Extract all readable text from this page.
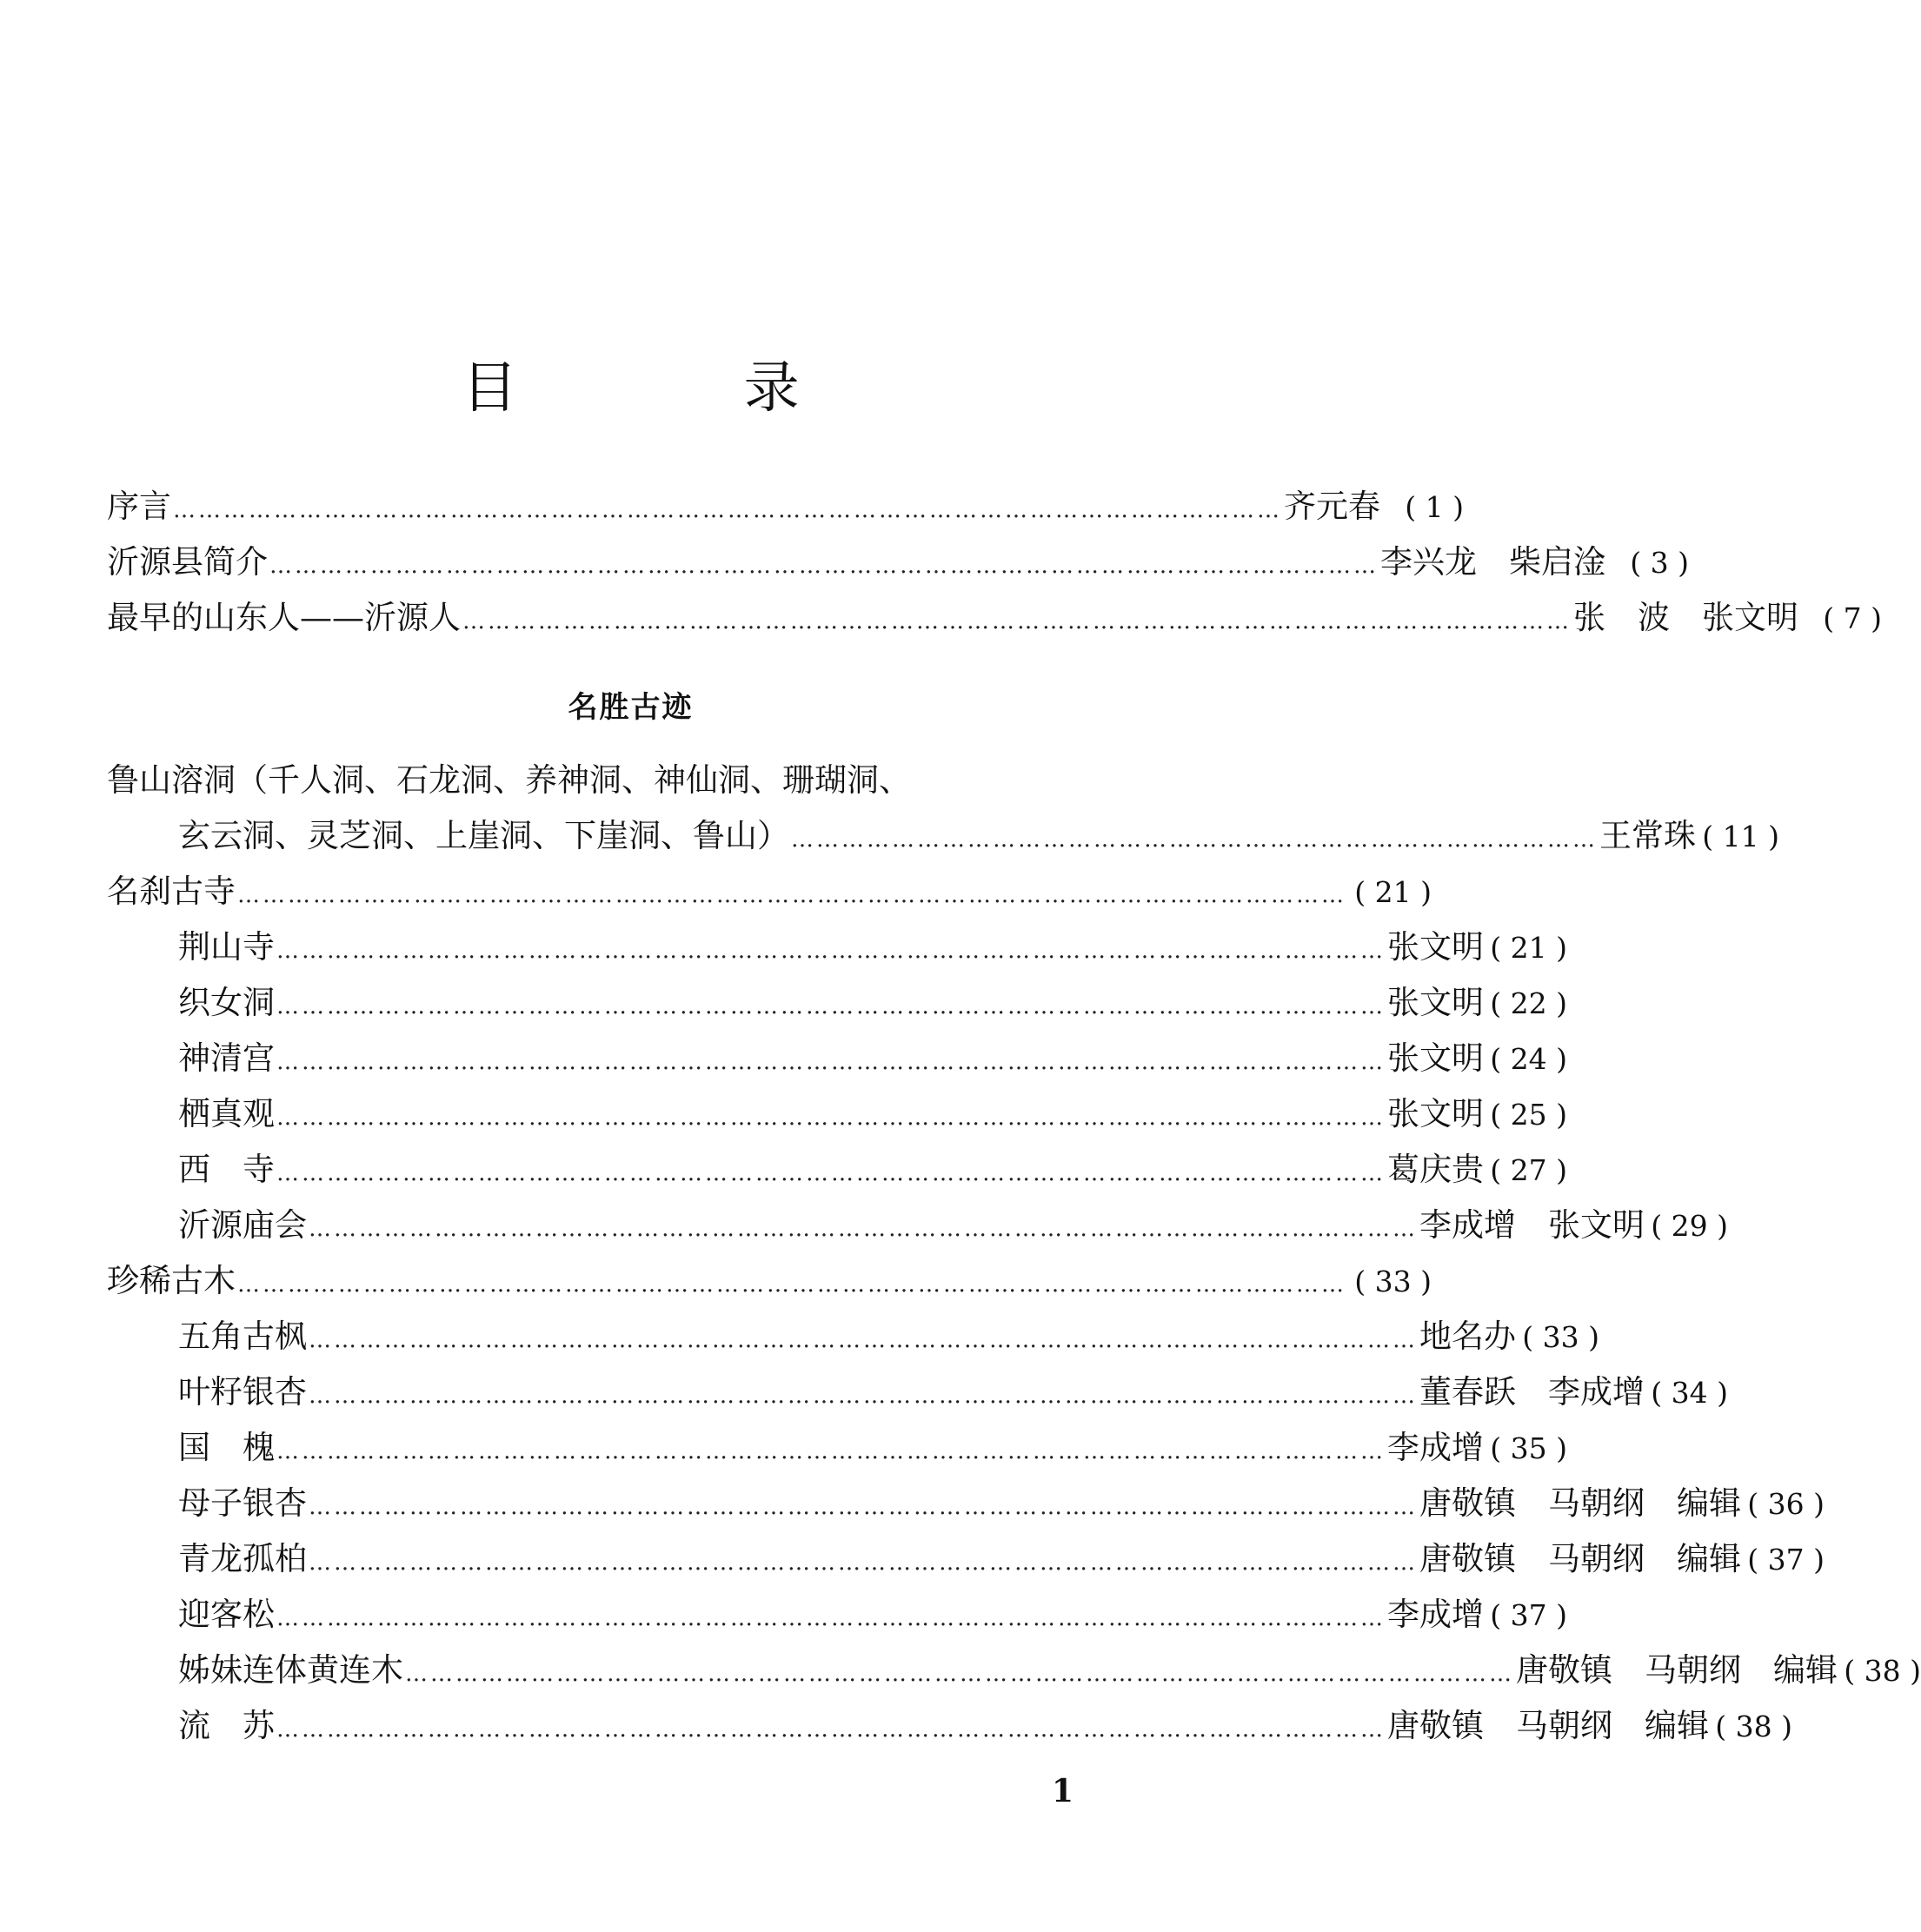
目 录
序言 …………………………………………………………………………………………………………………… 齐元春 ( 1 )
沂源县简介 …………………………………………………………………………………………………………………… 李兴龙　柴启淦 ( 3 )
最早的山东人——沂源人 …………………………………………………………………………………………………………………… 张　波　张文明 ( 7 )
名胜古迹
鲁山溶洞（千人洞、石龙洞、养神洞、神仙洞、珊瑚洞、
玄云洞、灵芝洞、上崖洞、下崖洞、鲁山） …………………………………………………………………………………… 王常珠 ( 11 )
名刹古寺 …………………………………………………………………………………………………………………… ( 21 )
荆山寺 …………………………………………………………………………………………………………………… 张文明 ( 21 )
织女洞 …………………………………………………………………………………………………………………… 张文明 ( 22 )
神清宫 …………………………………………………………………………………………………………………… 张文明 ( 24 )
栖真观 …………………………………………………………………………………………………………………… 张文明 ( 25 )
西　寺 …………………………………………………………………………………………………………………… 葛庆贵 ( 27 )
沂源庙会 …………………………………………………………………………………………………………………… 李成增　张文明 ( 29 )
珍稀古木 …………………………………………………………………………………………………………………… ( 33 )
五角古枫 …………………………………………………………………………………………………………………… 地名办 ( 33 )
叶籽银杏 …………………………………………………………………………………………………………………… 董春跃　李成增 ( 34 )
国　槐 …………………………………………………………………………………………………………………… 李成增 ( 35 )
母子银杏 …………………………………………………………………………………………………………………… 唐敬镇　马朝纲　编辑 ( 36 )
青龙孤柏 …………………………………………………………………………………………………………………… 唐敬镇　马朝纲　编辑 ( 37 )
迎客松 …………………………………………………………………………………………………………………… 李成增 ( 37 )
姊妹连体黄连木 …………………………………………………………………………………………………………………… 唐敬镇　马朝纲　编辑 ( 38 )
流　苏 …………………………………………………………………………………………………………………… 唐敬镇　马朝纲　编辑 ( 38 )
1
